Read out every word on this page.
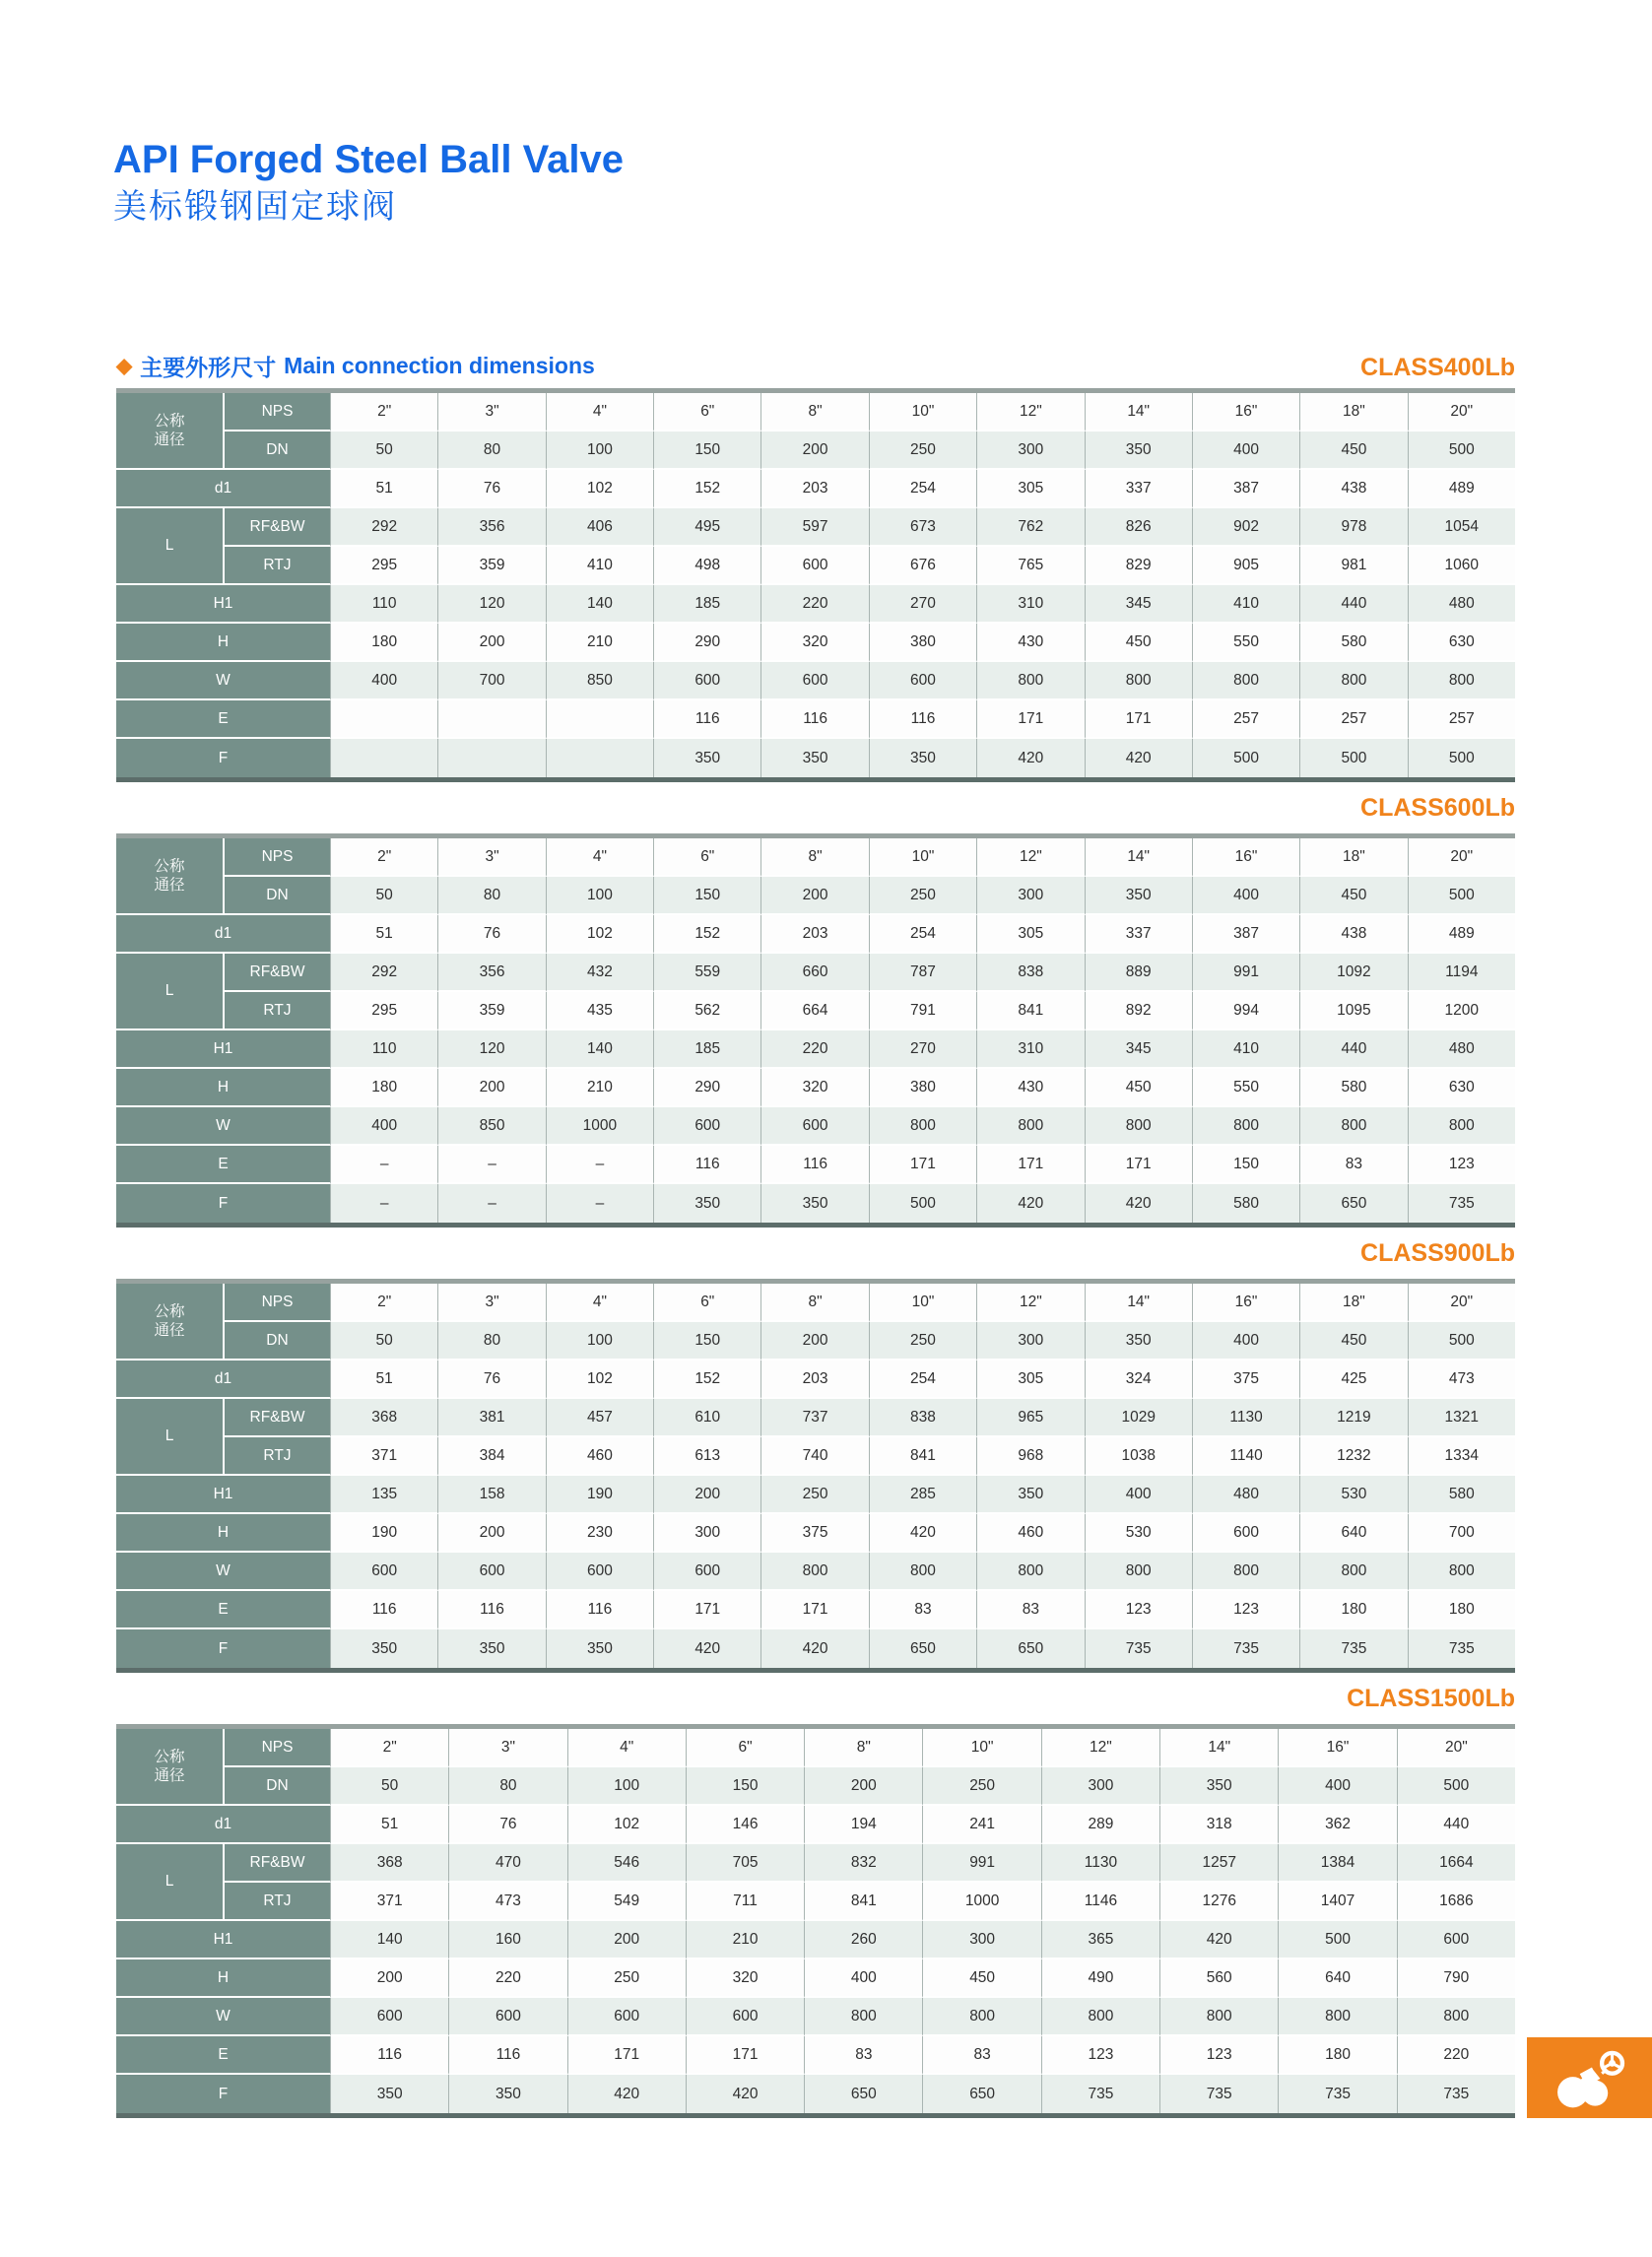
API Forged Steel Ball Valve
美标锻钢固定球阀
◆ 主要外形尺寸 Main connection dimensions	CLASS400Lb
公称
通径	NPS	2"	3"	4"	6"	8"	10"	12"	14"	16"	18"	20"
	DN	50	80	100	150	200	250	300	350	400	450	500
d1		51	76	102	152	203	254	305	337	387	438	489
L	RF&BW	292	356	406	495	597	673	762	826	902	978	1054
	RTJ	295	359	410	498	600	676	765	829	905	981	1060
H1		110	120	140	185	220	270	310	345	410	440	480
H		180	200	210	290	320	380	430	450	550	580	630
W		400	700	850	600	600	600	800	800	800	800	800
E					116	116	116	171	171	257	257	257
F					350	350	350	420	420	500	500	500
CLASS600Lb
公称
通径	NPS	2"	3"	4"	6"	8"	10"	12"	14"	16"	18"	20"
	DN	50	80	100	150	200	250	300	350	400	450	500
d1		51	76	102	152	203	254	305	337	387	438	489
L	RF&BW	292	356	432	559	660	787	838	889	991	1092	1194
	RTJ	295	359	435	562	664	791	841	892	994	1095	1200
H1		110	120	140	185	220	270	310	345	410	440	480
H		180	200	210	290	320	380	430	450	550	580	630
W		400	850	1000	600	600	800	800	800	800	800	800
E		–	–	–	116	116	171	171	171	150	83	123
F		–	–	–	350	350	500	420	420	580	650	735
CLASS900Lb
公称
通径	NPS	2"	3"	4"	6"	8"	10"	12"	14"	16"	18"	20"
	DN	50	80	100	150	200	250	300	350	400	450	500
d1		51	76	102	152	203	254	305	324	375	425	473
L	RF&BW	368	381	457	610	737	838	965	1029	1130	1219	1321
	RTJ	371	384	460	613	740	841	968	1038	1140	1232	1334
H1		135	158	190	200	250	285	350	400	480	530	580
H		190	200	230	300	375	420	460	530	600	640	700
W		600	600	600	600	800	800	800	800	800	800	800
E		116	116	116	171	171	83	83	123	123	180	180
F		350	350	350	420	420	650	650	735	735	735	735
CLASS1500Lb
公称
通径	NPS	2"	3"	4"	6"	8"	10"	12"	14"	16"	20"
	DN	50	80	100	150	200	250	300	350	400	500
d1		51	76	102	146	194	241	289	318	362	440
L	RF&BW	368	470	546	705	832	991	1130	1257	1384	1664
	RTJ	371	473	549	711	841	1000	1146	1276	1407	1686
H1		140	160	200	210	260	300	365	420	500	600
H		200	220	250	320	400	450	490	560	640	790
W		600	600	600	600	800	800	800	800	800	800
E		116	116	171	171	83	83	123	123	180	220
F		350	350	420	420	650	650	735	735	735	735
